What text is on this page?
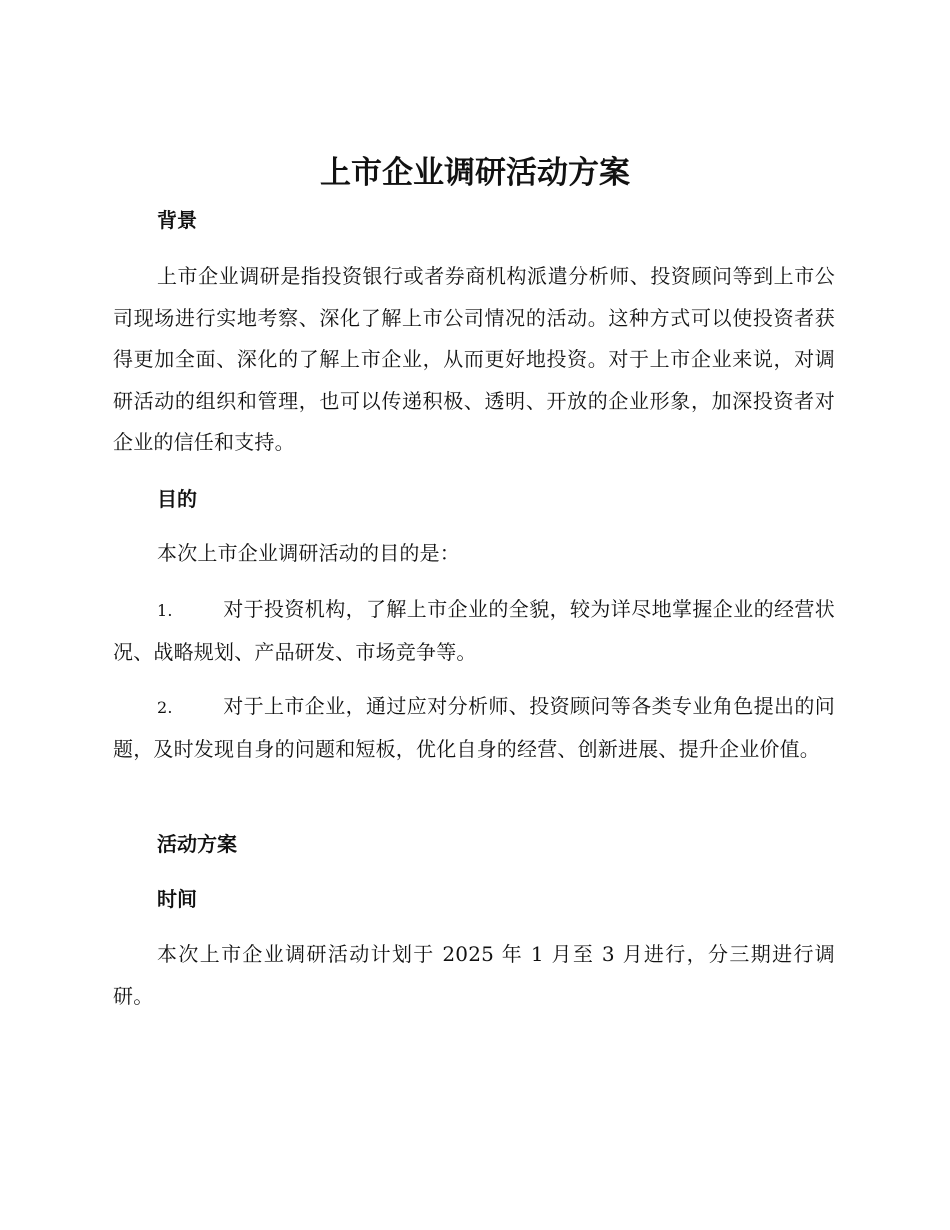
上市企业调研活动方案
背景
上市企业调研是指投资银行或者券商机构派遣分析师、投资顾问等到上市公司现场进行实地考察、深化了解上市公司情况的活动。这种方式可以使投资者获得更加全面、深化的了解上市企业，从而更好地投资。对于上市企业来说，对调研活动的组织和管理，也可以传递积极、透明、开放的企业形象，加深投资者对企业的信任和支持。
目的
本次上市企业调研活动的目的是：
1.	对于投资机构，了解上市企业的全貌，较为详尽地掌握企业的经营状况、战略规划、产品研发、市场竞争等。
2.	对于上市企业，通过应对分析师、投资顾问等各类专业角色提出的问题，及时发现自身的问题和短板，优化自身的经营、创新进展、提升企业价值。
活动方案
时间
本次上市企业调研活动计划于 2025 年 1 月至 3 月进行，分三期进行调研。
